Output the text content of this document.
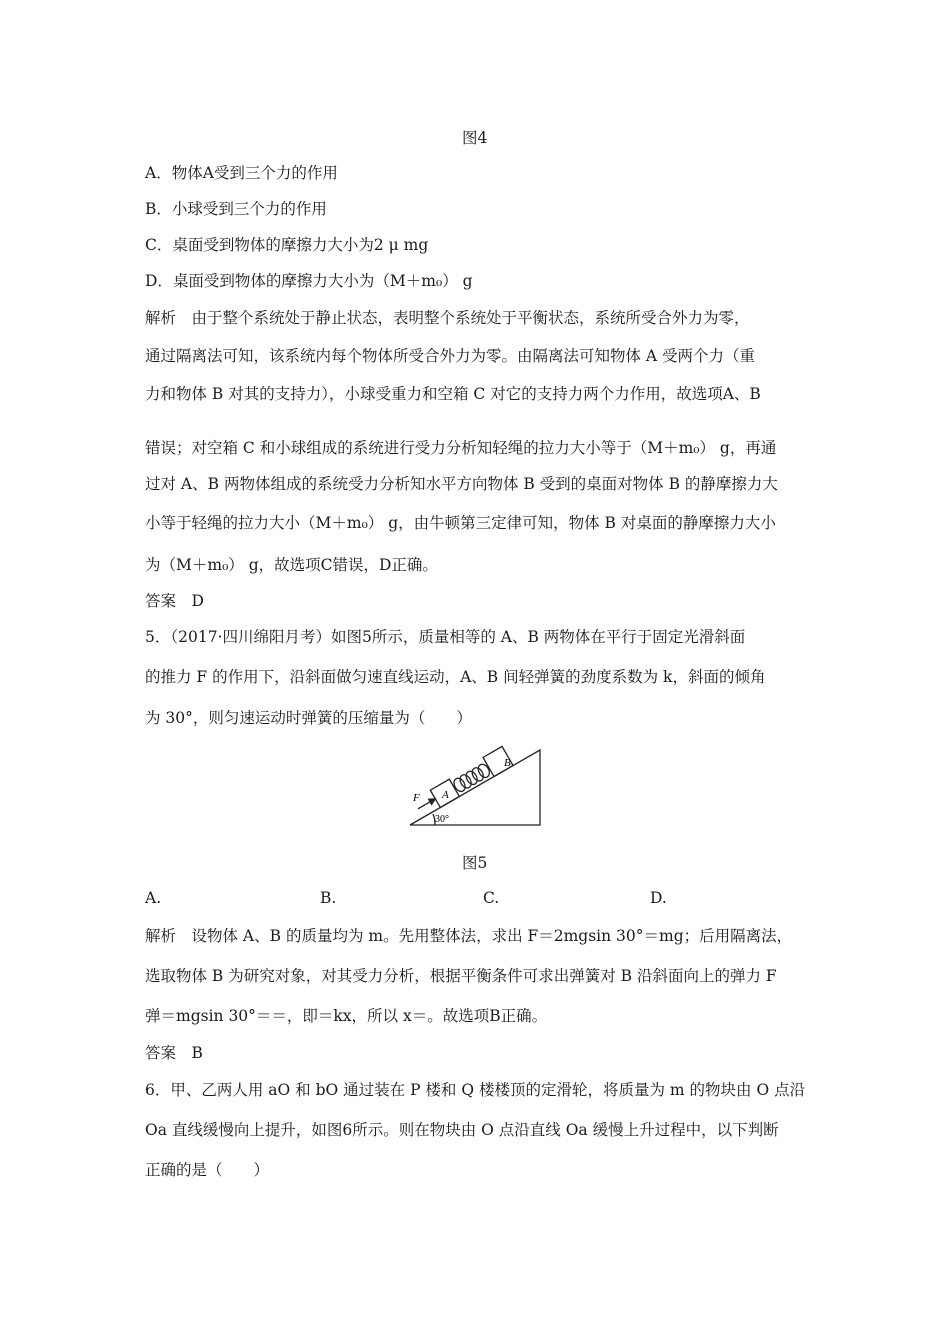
图4
A．物体A受到三个力的作用
B．小球受到三个力的作用
C．桌面受到物体的摩擦力大小为2 μ mg
D．桌面受到物体的摩擦力大小为（M＋m₀） g
解析　由于整个系统处于静止状态，表明整个系统处于平衡状态，系统所受合外力为零，
通过隔离法可知，该系统内每个物体所受合外力为零。由隔离法可知物体 A 受两个力（重
力和物体 B 对其的支持力），小球受重力和空箱 C 对它的支持力两个力作用，故选项A、B
错误；对空箱 C 和小球组成的系统进行受力分析知轻绳的拉力大小等于（M＋m₀） g，再通
过对 A、B 两物体组成的系统受力分析知水平方向物体 B 受到的桌面对物体 B 的静摩擦力大
小等于轻绳的拉力大小（M＋m₀） g，由牛顿第三定律可知，物体 B 对桌面的静摩擦力大小
为（M＋m₀） g，故选项C错误，D正确。
答案　D
5．（2017·四川绵阳月考）如图5所示，质量相等的 A、B 两物体在平行于固定光滑斜面
的推力 F 的作用下，沿斜面做匀速直线运动，A、B 间轻弹簧的劲度系数为 k，斜面的倾角
为 30°，则匀速运动时弹簧的压缩量为（　　）
F A
B
30°
图5
A.	B.	C.	D.
解析　设物体 A、B 的质量均为 m。先用整体法，求出 F＝2mgsin 30°＝mg；后用隔离法，
选取物体 B 为研究对象，对其受力分析，根据平衡条件可求出弹簧对 B 沿斜面向上的弹力 F
弹＝mgsin 30°＝＝，即＝kx，所以 x＝。故选项B正确。
答案　B
6．甲、乙两人用 aO 和 bO 通过装在 P 楼和 Q 楼楼顶的定滑轮，将质量为 m 的物块由 O 点沿
Oa 直线缓慢向上提升，如图6所示。则在物块由 O 点沿直线 Oa 缓慢上升过程中，以下判断
正确的是（　　）
